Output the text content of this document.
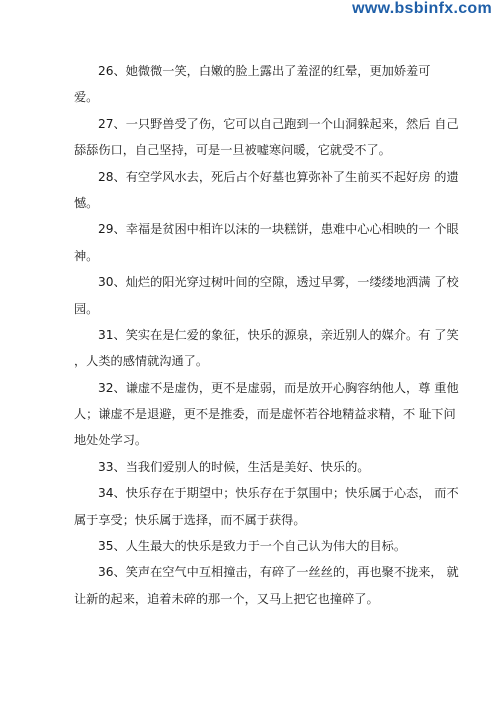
www.bsbinfx.com
26、她微微一笑，白嫩的脸上露出了羞涩的红晕，更加娇羞可
爱。
27、一只野兽受了伤，它可以自己跑到一个山洞躲起来，然后 自己
舔舔伤口，自己坚持，可是一旦被嘘寒问暖，它就受不了。
28、有空学风水去，死后占个好墓也算弥补了生前买不起好房 的遗
憾。
29、幸福是贫困中相许以沫的一块糕饼，患难中心心相映的一 个眼
神。
30、灿烂的阳光穿过树叶间的空隙，透过早雾，一缕缕地洒满 了校
园。
31、笑实在是仁爱的象征，快乐的源泉，亲近别人的媒介。有 了笑
，人类的感情就沟通了。
32、谦虚不是虚伪，更不是虚弱，而是放开心胸容纳他人，尊 重他
人；谦虚不是退避，更不是推委，而是虚怀若谷地精益求精，不 耻下问
地处处学习。
33、当我们爱别人的时候，生活是美好、快乐的。
34、快乐存在于期望中；快乐存在于氛围中；快乐属于心态， 而不
属于享受；快乐属于选择，而不属于获得。
35、人生最大的快乐是致力于一个自己认为伟大的目标。
36、笑声在空气中互相撞击，有碎了一丝丝的，再也聚不拢来， 就
让新的起来，追着未碎的那一个，又马上把它也撞碎了。
